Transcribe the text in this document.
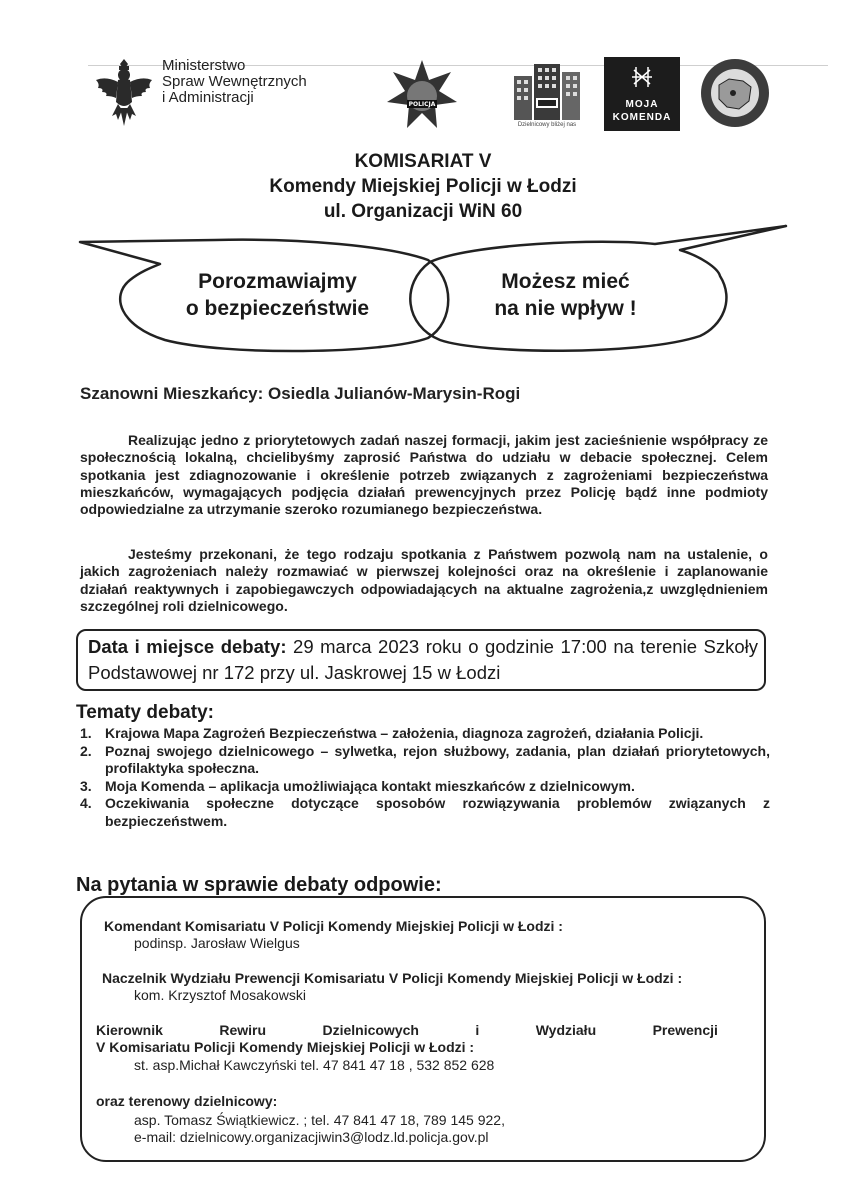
Ministerstwo
Spraw Wewnętrznych
i Administracji	POLICJA
Dzielnicowy bliżej nas
MOJA
KOMENDA
KOMISARIAT V
Komendy Miejskiej Policji w Łodzi
ul. Organizacji WiN 60
Porozmawiajmy
o bezpieczeństwie
Możesz mieć
na nie wpływ !
Szanowni Mieszkańcy: Osiedla Julianów-Marysin-Rogi
Realizując jedno z priorytetowych zadań naszej formacji, jakim jest zacieśnienie współpracy ze społecznością lokalną, chcielibyśmy zaprosić Państwa do udziału w debacie społecznej. Celem spotkania jest zdiagnozowanie i określenie potrzeb związanych z zagrożeniami bezpieczeństwa mieszkańców, wymagających podjęcia działań prewencyjnych przez Policję bądź inne podmioty odpowiedzialne za utrzymanie szeroko rozumianego bezpieczeństwa.
Jesteśmy przekonani, że tego rodzaju spotkania z Państwem pozwolą nam na ustalenie, o jakich zagrożeniach należy rozmawiać w pierwszej kolejności oraz na określenie i zaplanowanie działań reaktywnych i zapobiegawczych odpowiadających na aktualne zagrożenia,z uwzględnieniem szczególnej roli dzielnicowego.
Data i miejsce debaty: 29 marca 2023 roku o godzinie 17:00 na terenie Szkoły Podstawowej nr 172 przy ul. Jaskrowej 15 w Łodzi
Tematy debaty:
1. Krajowa Mapa Zagrożeń Bezpieczeństwa – założenia, diagnoza zagrożeń, działania Policji.
2. Poznaj swojego dzielnicowego – sylwetka, rejon służbowy, zadania, plan działań priorytetowych, profilaktyka społeczna.
3. Moja Komenda – aplikacja umożliwiająca kontakt mieszkańców z dzielnicowym.
4. Oczekiwania społeczne dotyczące sposobów rozwiązywania problemów związanych z bezpieczeństwem.
Na pytania w sprawie debaty odpowie:
Komendant Komisariatu V Policji Komendy Miejskiej Policji w Łodzi :
podinsp. Jarosław Wielgus
Naczelnik Wydziału Prewencji Komisariatu V Policji Komendy Miejskiej Policji w Łodzi :
kom. Krzysztof Mosakowski
Kierownik	Rewiru	Dzielnicowych	i	Wydziału	Prewencji
V Komisariatu Policji Komendy Miejskiej Policji w Łodzi :
st. asp.Michał Kawczyński tel. 47 841 47 18 , 532 852 628
oraz terenowy dzielnicowy:
asp. Tomasz Świątkiewicz. ; tel. 47 841 47 18, 789 145 922,
e-mail: dzielnicowy.organizacjiwin3@lodz.ld.policja.gov.pl
